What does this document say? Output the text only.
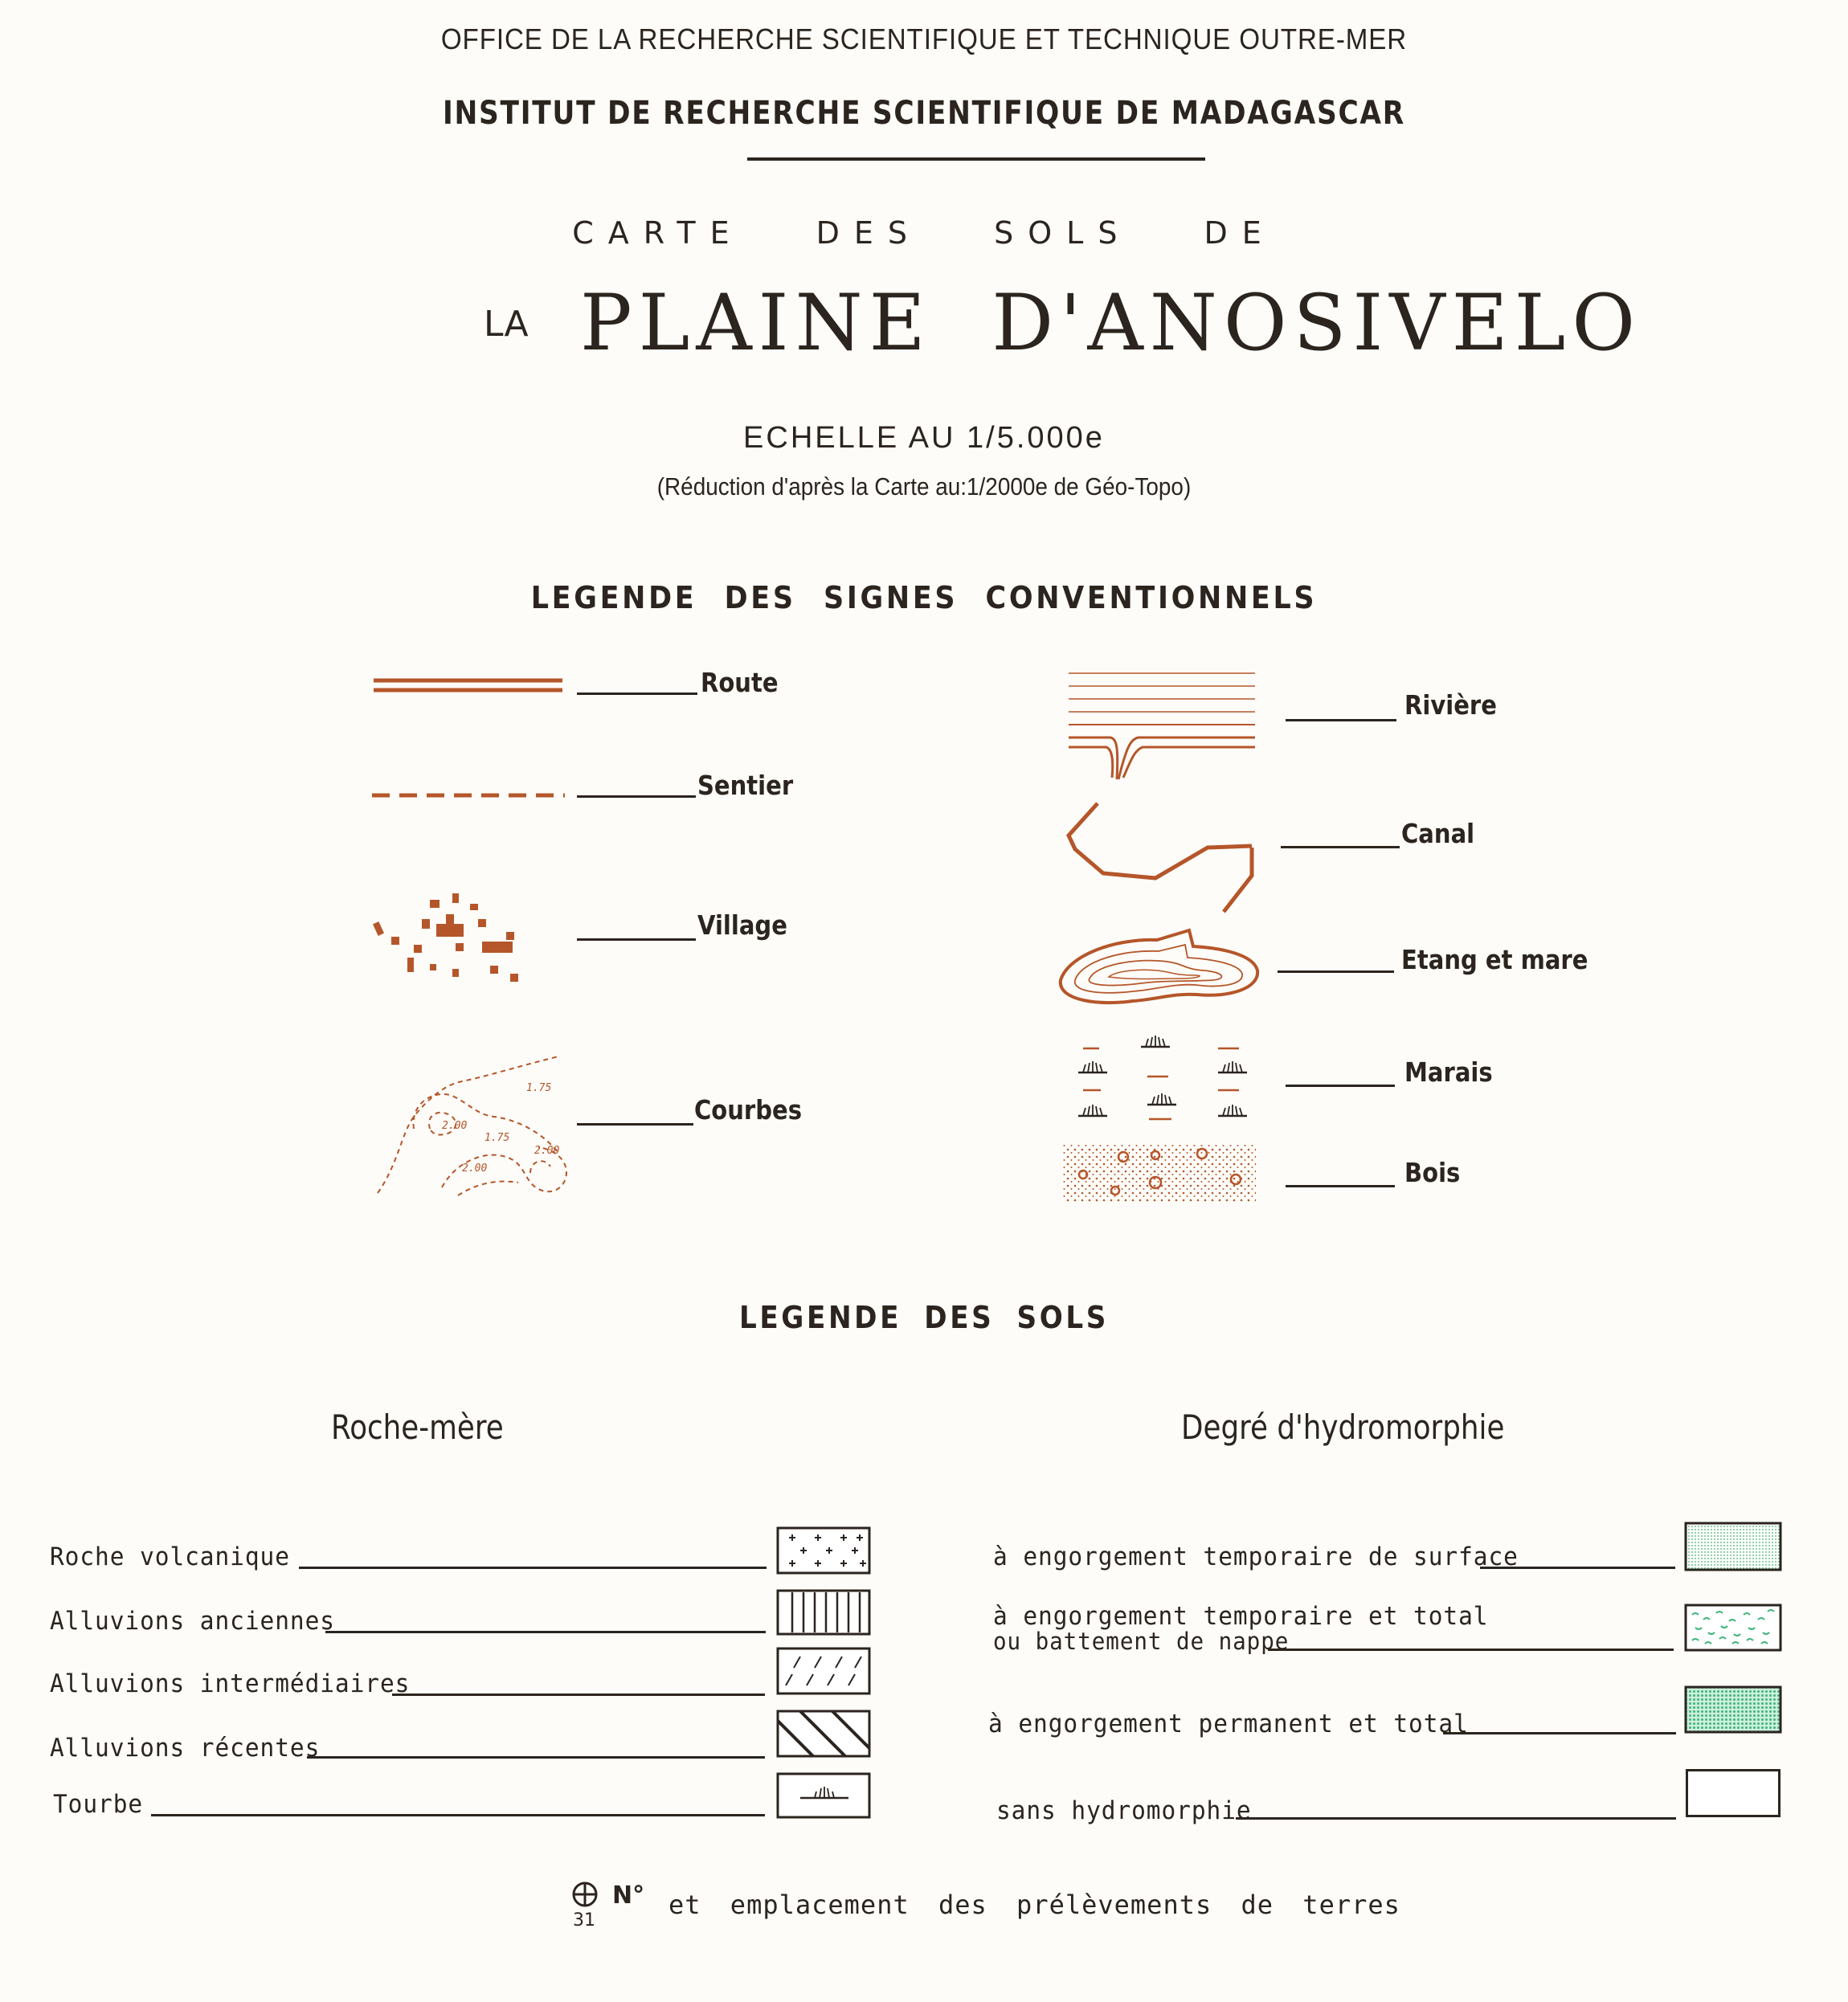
OFFICE DE LA RECHERCHE SCIENTIFIQUE ET TECHNIQUE OUTRE-MER
INSTITUT DE RECHERCHE SCIENTIFIQUE DE MADAGASCAR
CARTE DES SOLS DE
LA PLAINE D'ANOSIVELO
ECHELLE AU 1/5.000e
(Réduction d'après la Carte au:1/2000e de Géo-Topo)
LEGENDE DES SIGNES CONVENTIONNELS
Route
Sentier
Village
2.00
1.75
1.75
2.00
2.00
Courbes
Rivière
Canal
Etang et mare
Marais
Bois
LEGENDE DES SOLS
Roche-mère	Degré d'hydromorphie
Roche volcanique
Alluvions anciennes
Alluvions intermédiaires
Alluvions récentes
Tourbe
à engorgement temporaire de surface
à engorgement temporaire et total
ou battement de nappe
à engorgement permanent et total
sans hydromorphie
31
N° et emplacement des prélèvements de terres
